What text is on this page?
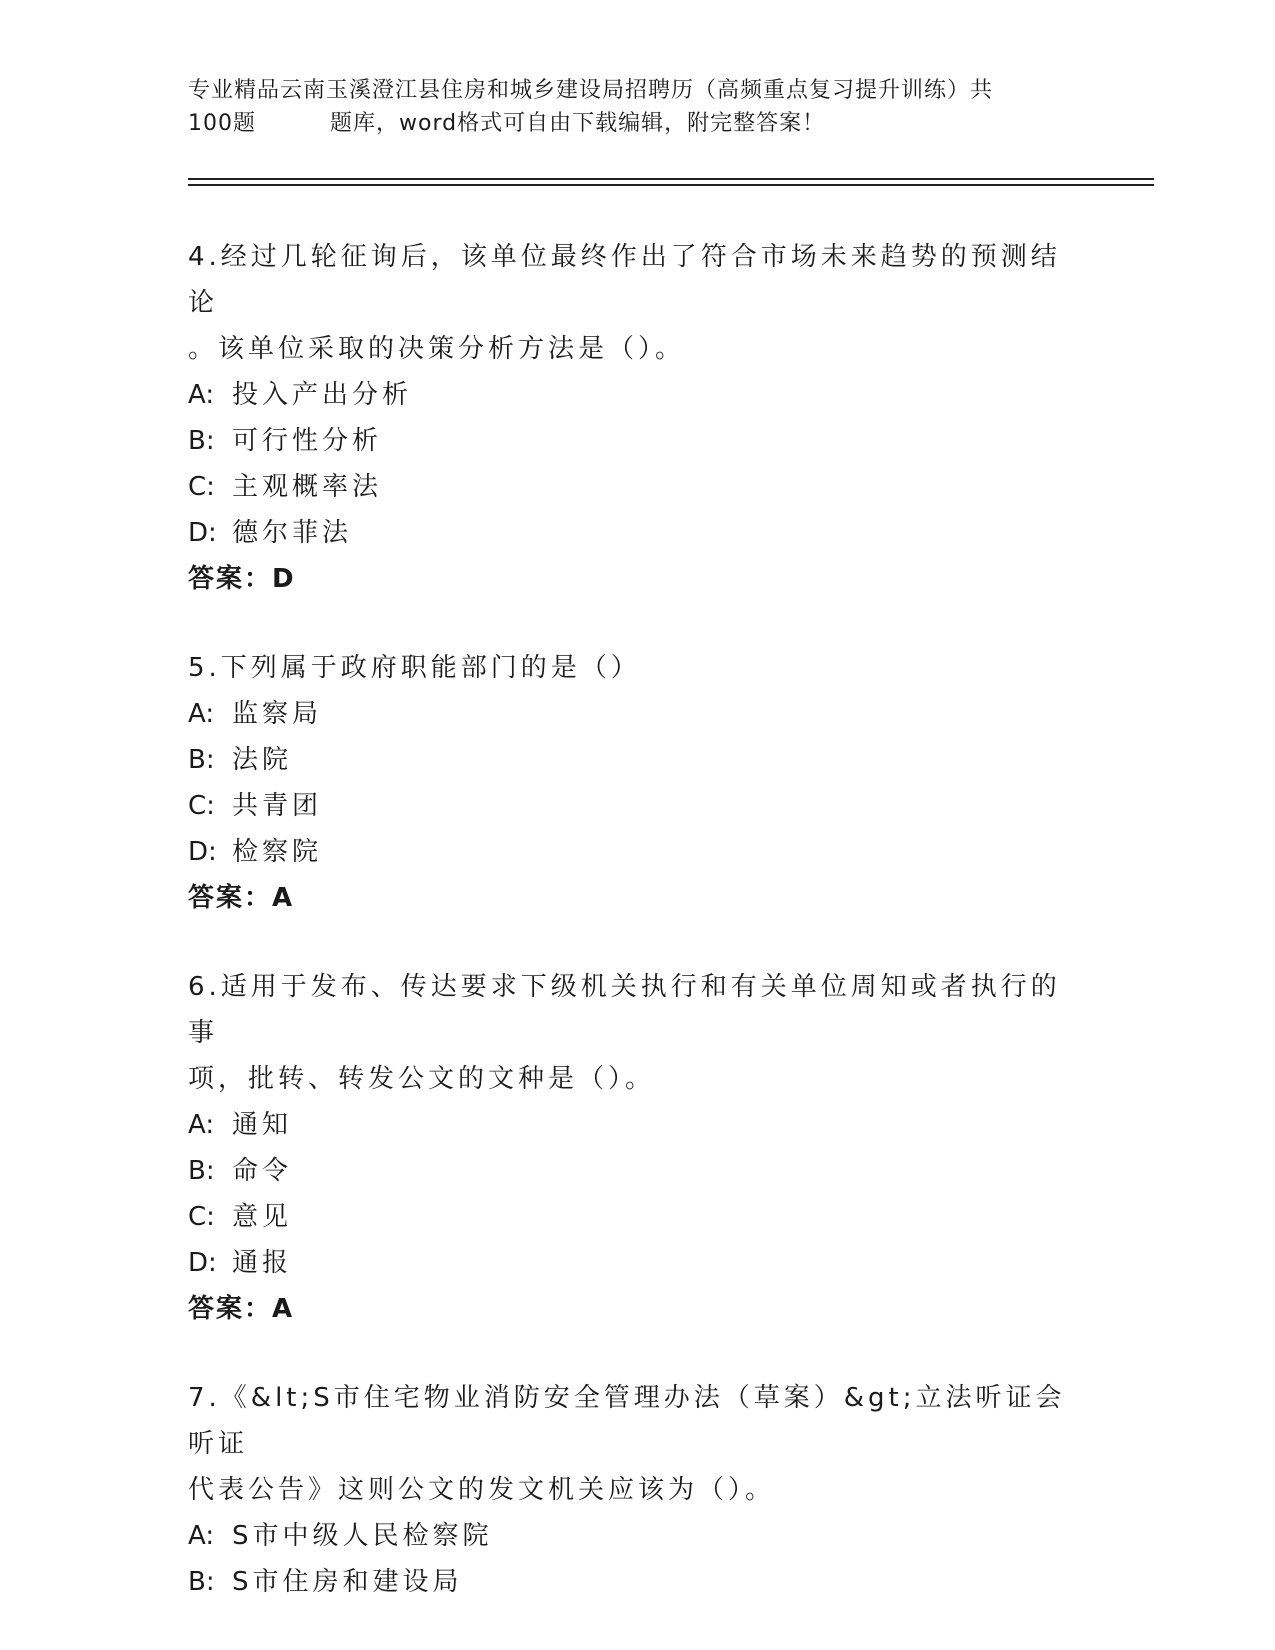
专业精品云南玉溪澄江县住房和城乡建设局招聘历（高频重点复习提升训练）共
100题	题库，word格式可自由下载编辑，附完整答案！
4.经过几轮征询后，该单位最终作出了符合市场未来趋势的预测结论
。该单位采取的决策分析方法是（）。
A: 投入产出分析
B: 可行性分析
C: 主观概率法
D: 德尔菲法
答案：D
5.下列属于政府职能部门的是（）
A: 监察局
B: 法院
C: 共青团
D: 检察院
答案：A
6.适用于发布、传达要求下级机关执行和有关单位周知或者执行的事
项，批转、转发公文的文种是（）。
A: 通知
B: 命令
C: 意见
D: 通报
答案：A
7.《&lt;S市住宅物业消防安全管理办法（草案）&gt;立法听证会听证
代表公告》这则公文的发文机关应该为（）。
A: S市中级人民检察院
B: S市住房和建设局
